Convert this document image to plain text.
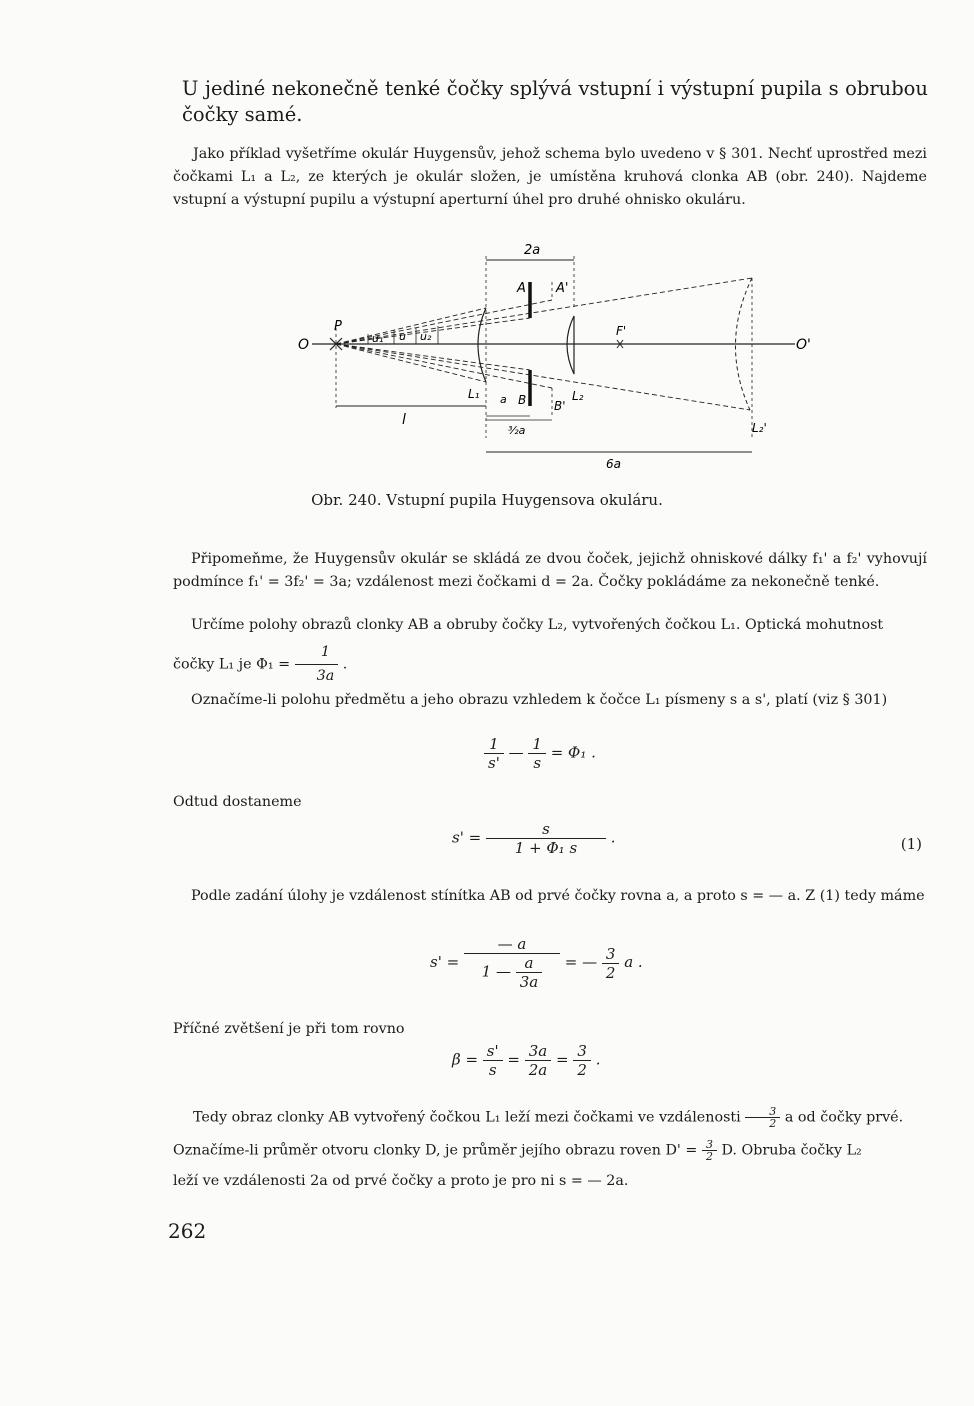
U jediné nekonečně tenké čočky splývá vstupní i výstupní pupila s obrubou čočky samé.
Jako příklad vyšetříme okulár Huygensův, jehož schema bylo uvedeno v § 301. Nechť uprostřed mezi čočkami L₁ a L₂, ze kterých je okulár složen, je umístěna kruhová clonka AB (obr. 240). Najdeme vstupní a výstupní pupilu a výstupní aperturní úhel pro druhé ohnisko okuláru.
2a
A A'
P
O	O'
u₁ u u₂	F'
L₁ a B B'
L₂
l
³⁄₂a	L₂'
6a
Obr. 240. Vstupní pupila Huygensova okuláru.
Připomeňme, že Huygensův okulár se skládá ze dvou čoček, jejichž ohniskové dálky f₁' a f₂' vyhovují podmínce f₁' = 3f₂' = 3a; vzdálenost mezi čočkami d = 2a. Čočky pokládáme za nekonečně tenké.
Určíme polohy obrazů clonky AB a obruby čočky L₂, vytvořených čočkou L₁. Optická mohutnost
čočky L₁ je $\Phi_1 = \frac{1}{3a}$ .
Označíme-li polohu předmětu a jeho obrazu vzhledem k čočce L₁ písmeny s a s', platí (viz § 301)
$\frac{1}{s'}$ — $\frac{1}{s} = \Phi_1$ .
Odtud dostaneme
$s' = \frac{s}{\text{1 + Φ₁ s}}$ .	(1)
Podle zadání úlohy je vzdálenost stínítka AB od prvé čočky rovna a, a proto s = — a. Z (1) tedy máme
$s' = \frac{— a}{1 — \frac{a}{3a}}$ = — $\frac{3}{2}$ a .
Příčné zvětšení je při tom rovno
$\beta = \frac{s'}{s} = \frac{3a}{2a} = \frac{3}{2}$ .
Tedy obraz clonky AB vytvořený čočkou L₁ leží mezi čočkami ve vzdálenosti $\frac{3}{2}$ a od čočky prvé.
Označíme-li průměr otvoru clonky D, je průměr jejího obrazu roven $D' = \frac{3}{2} D$. Obruba čočky L₂
leží ve vzdálenosti 2a od prvé čočky a proto je pro ni s = — 2a.
262
